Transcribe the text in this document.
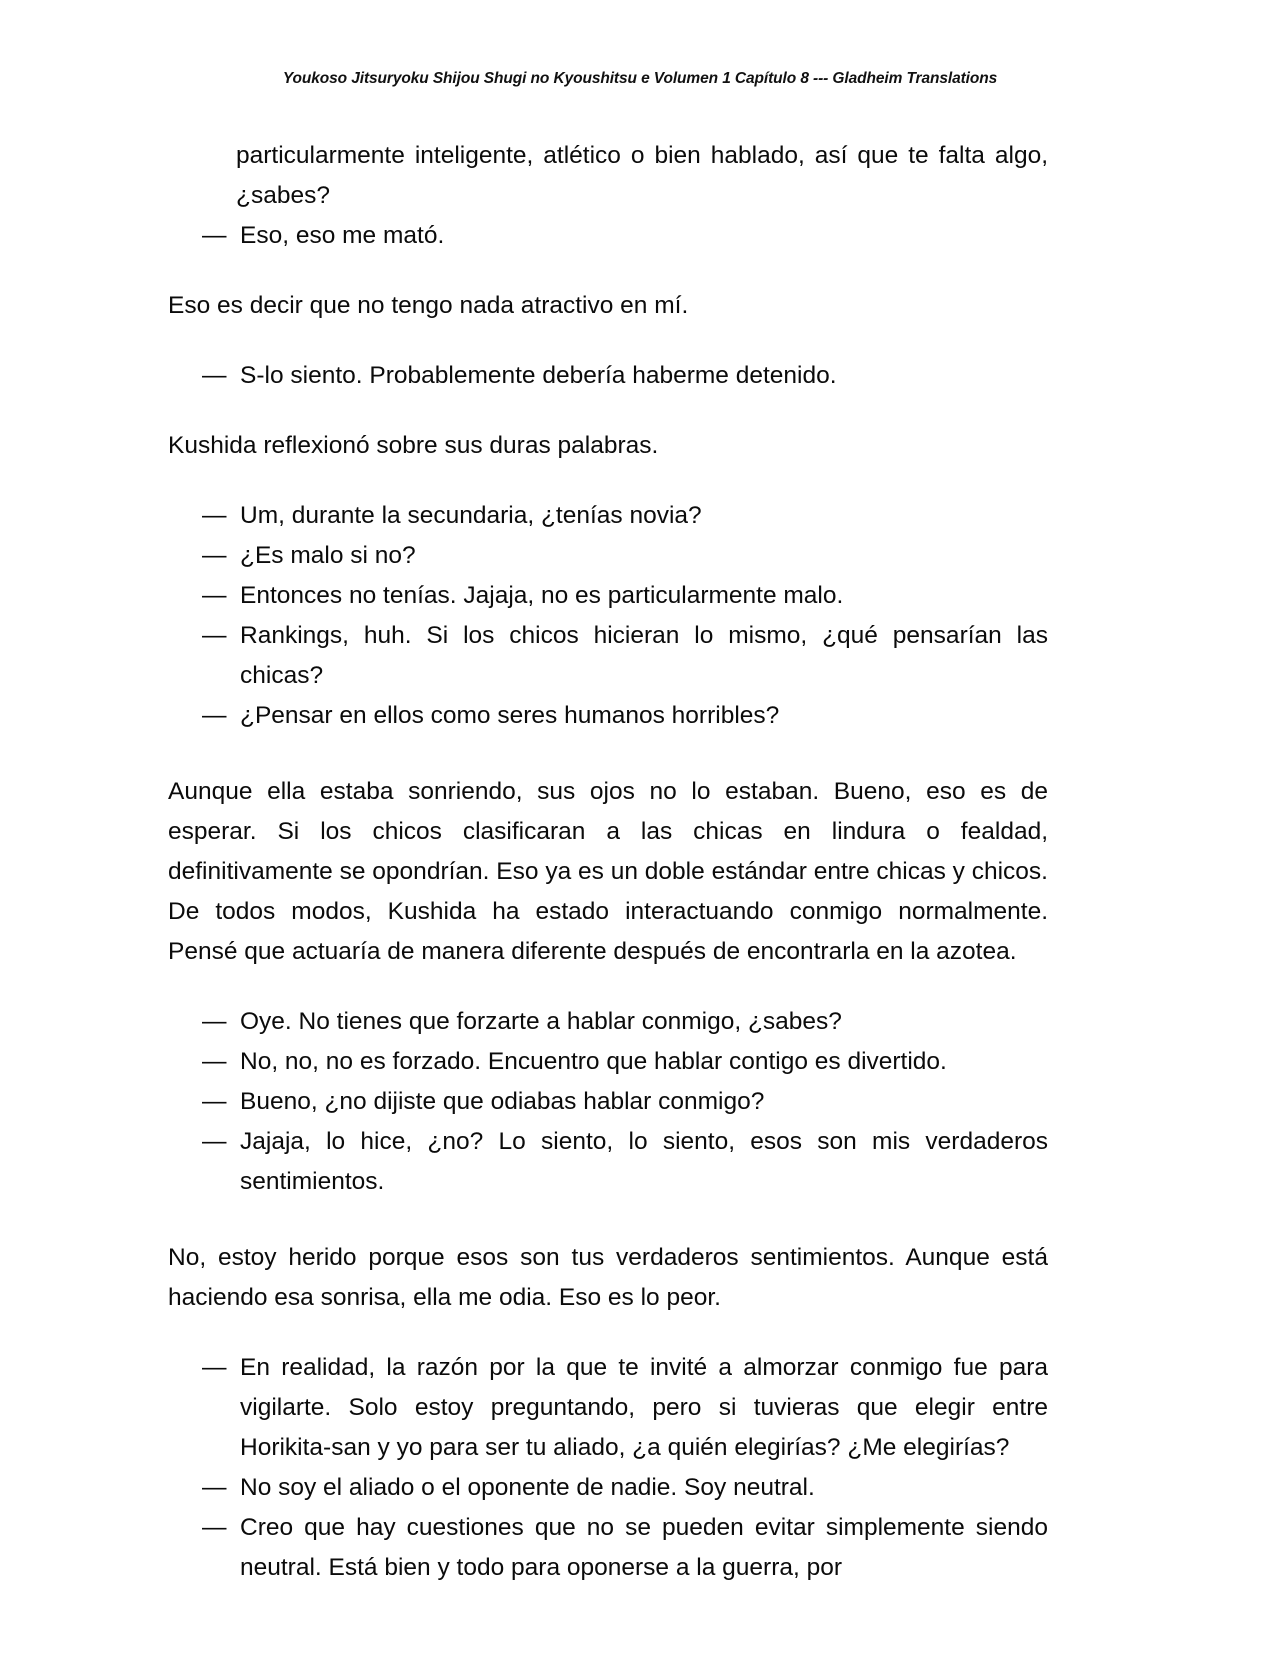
Youkoso Jitsuryoku Shijou Shugi no Kyoushitsu e Volumen 1 Capítulo 8 --- Gladheim Translations
particularmente inteligente, atlético o bien hablado, así que te falta algo, ¿sabes?
— Eso, eso me mató.

Eso es decir que no tengo nada atractivo en mí.

— S-lo siento. Probablemente debería haberme detenido.

Kushida reflexionó sobre sus duras palabras.

— Um, durante la secundaria, ¿tenías novia?
— ¿Es malo si no?
— Entonces no tenías. Jajaja, no es particularmente malo.
— Rankings, huh. Si los chicos hicieran lo mismo, ¿qué pensarían las chicas?
— ¿Pensar en ellos como seres humanos horribles?

Aunque ella estaba sonriendo, sus ojos no lo estaban. Bueno, eso es de esperar. Si los chicos clasificaran a las chicas en lindura o fealdad, definitivamente se opondrían. Eso ya es un doble estándar entre chicas y chicos. De todos modos, Kushida ha estado interactuando conmigo normalmente. Pensé que actuaría de manera diferente después de encontrarla en la azotea.

— Oye. No tienes que forzarte a hablar conmigo, ¿sabes?
— No, no, no es forzado. Encuentro que hablar contigo es divertido.
— Bueno, ¿no dijiste que odiabas hablar conmigo?
— Jajaja, lo hice, ¿no? Lo siento, lo siento, esos son mis verdaderos sentimientos.

No, estoy herido porque esos son tus verdaderos sentimientos. Aunque está haciendo esa sonrisa, ella me odia. Eso es lo peor.

— En realidad, la razón por la que te invité a almorzar conmigo fue para vigilarte. Solo estoy preguntando, pero si tuvieras que elegir entre Horikita-san y yo para ser tu aliado, ¿a quién elegirías? ¿Me elegirías?
— No soy el aliado o el oponente de nadie. Soy neutral.
— Creo que hay cuestiones que no se pueden evitar simplemente siendo neutral. Está bien y todo para oponerse a la guerra, por
